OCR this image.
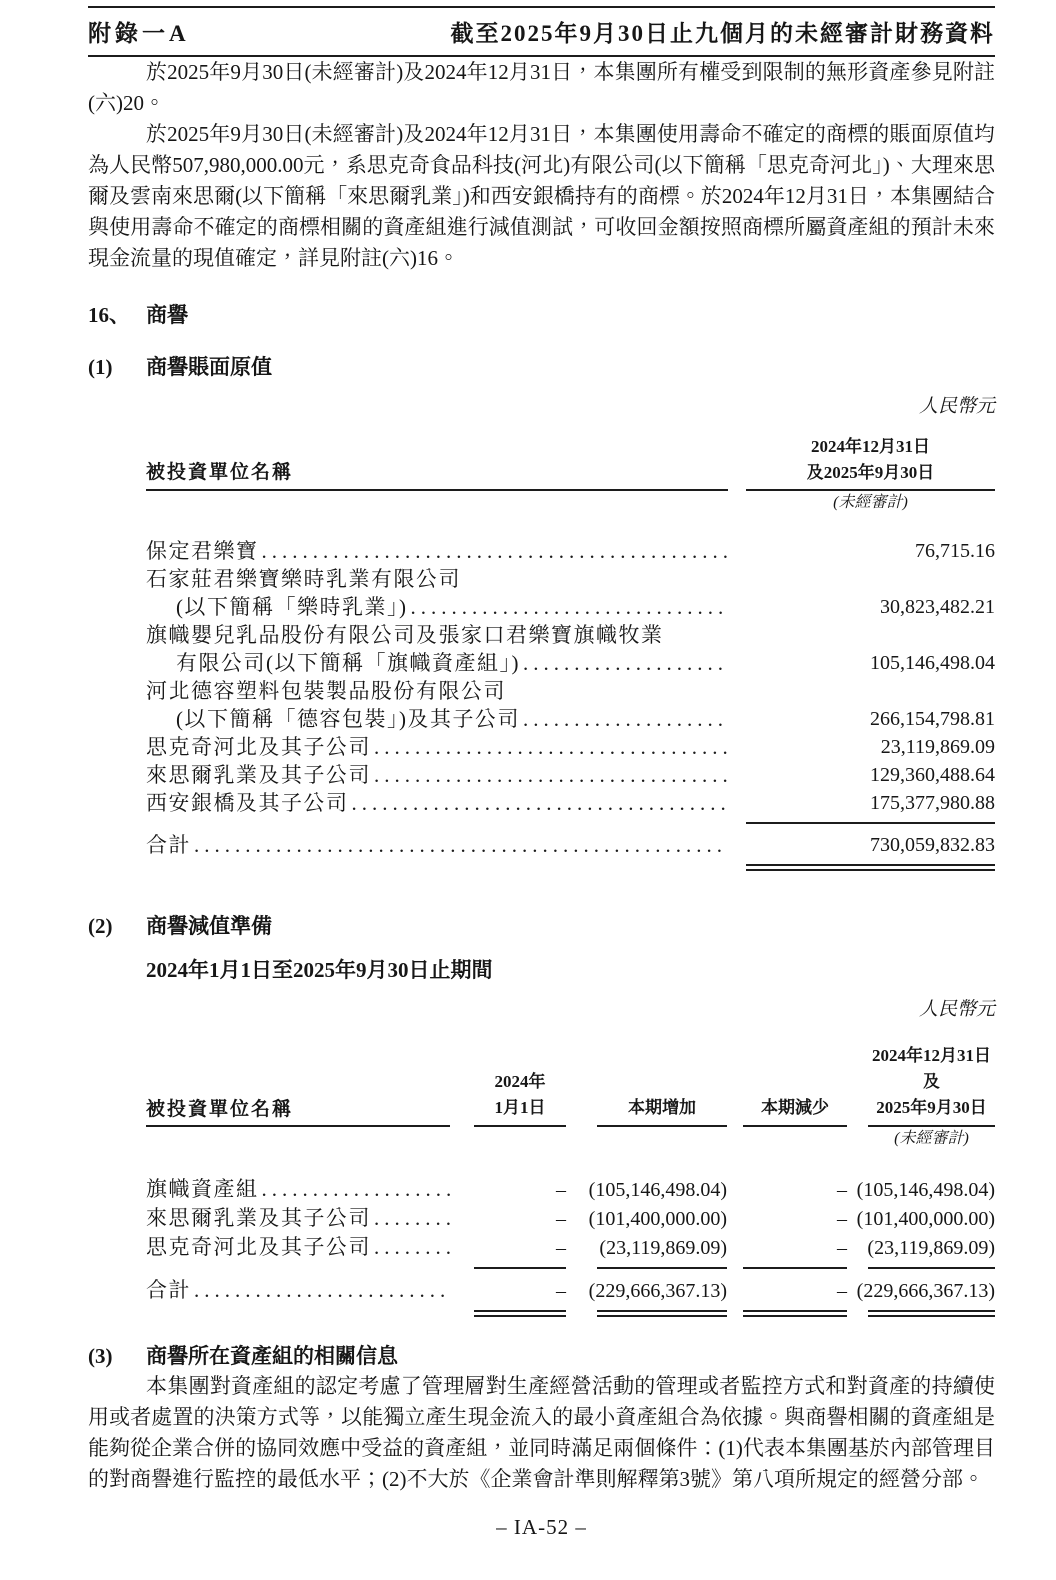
附錄一A	截至2025年9月30日止九個月的未經審計財務資料

於2025年9月30日(未經審計)及2024年12月31日，本集團所有權受到限制的無形資產參見附註(六)20。

於2025年9月30日(未經審計)及2024年12月31日，本集團使用壽命不確定的商標的賬面原值均為人民幣507,980,000.00元，系思克奇食品科技(河北)有限公司(以下簡稱「思克奇河北」)、大理來思爾及雲南來思爾(以下簡稱「來思爾乳業」)和西安銀橋持有的商標。於2024年12月31日，本集團結合與使用壽命不確定的商標相關的資產組進行減值測試，可收回金額按照商標所屬資產組的預計未來現金流量的現值確定，詳見附註(六)16。

16、 商譽
(1)	商譽賬面原值
人民幣元
被投資單位名稱
2024年12月31日
及2025年9月30日
(未經審計)
保定君樂寶 .....	76,715.16
石家莊君樂寶樂時乳業有限公司
(以下簡稱「樂時乳業」) .....	30,823,482.21
旗幟嬰兒乳品股份有限公司及張家口君樂寶旗幟牧業
有限公司(以下簡稱「旗幟資產組」) .....	105,146,498.04
河北德容塑料包裝製品股份有限公司
(以下簡稱「德容包裝」)及其子公司 .....	266,154,798.81
思克奇河北及其子公司 .....	23,119,869.09
來思爾乳業及其子公司 .....	129,360,488.64
西安銀橋及其子公司 .....	175,377,980.88
合計 .....	730,059,832.83
(2)	商譽減值準備
2024年1月1日至2025年9月30日止期間
人民幣元
被投資單位名稱
2024年
1月1日	本期增加	本期減少
2024年12月31日及
2025年9月30日
(未經審計)
旗幟資產組 .....	–	(105,146,498.04)	– (105,146,498.04)
來思爾乳業及其子公司 .....	–	(101,400,000.00)	– (101,400,000.00)
思克奇河北及其子公司 .....	–	(23,119,869.09)	–	(23,119,869.09)
合計 .....	–	(229,666,367.13)	– (229,666,367.13)
(3)	商譽所在資產組的相關信息

本集團對資產組的認定考慮了管理層對生產經營活動的管理或者監控方式和對資產的持續使用或者處置的決策方式等，以能獨立產生現金流入的最小資產組合為依據。與商譽相關的資產組是能夠從企業合併的協同效應中受益的資產組，並同時滿足兩個條件：(1)代表本集團基於內部管理目的對商譽進行監控的最低水平；(2)不大於《企業會計準則解釋第3號》第八項所規定的經營分部。

– IA-52 –
